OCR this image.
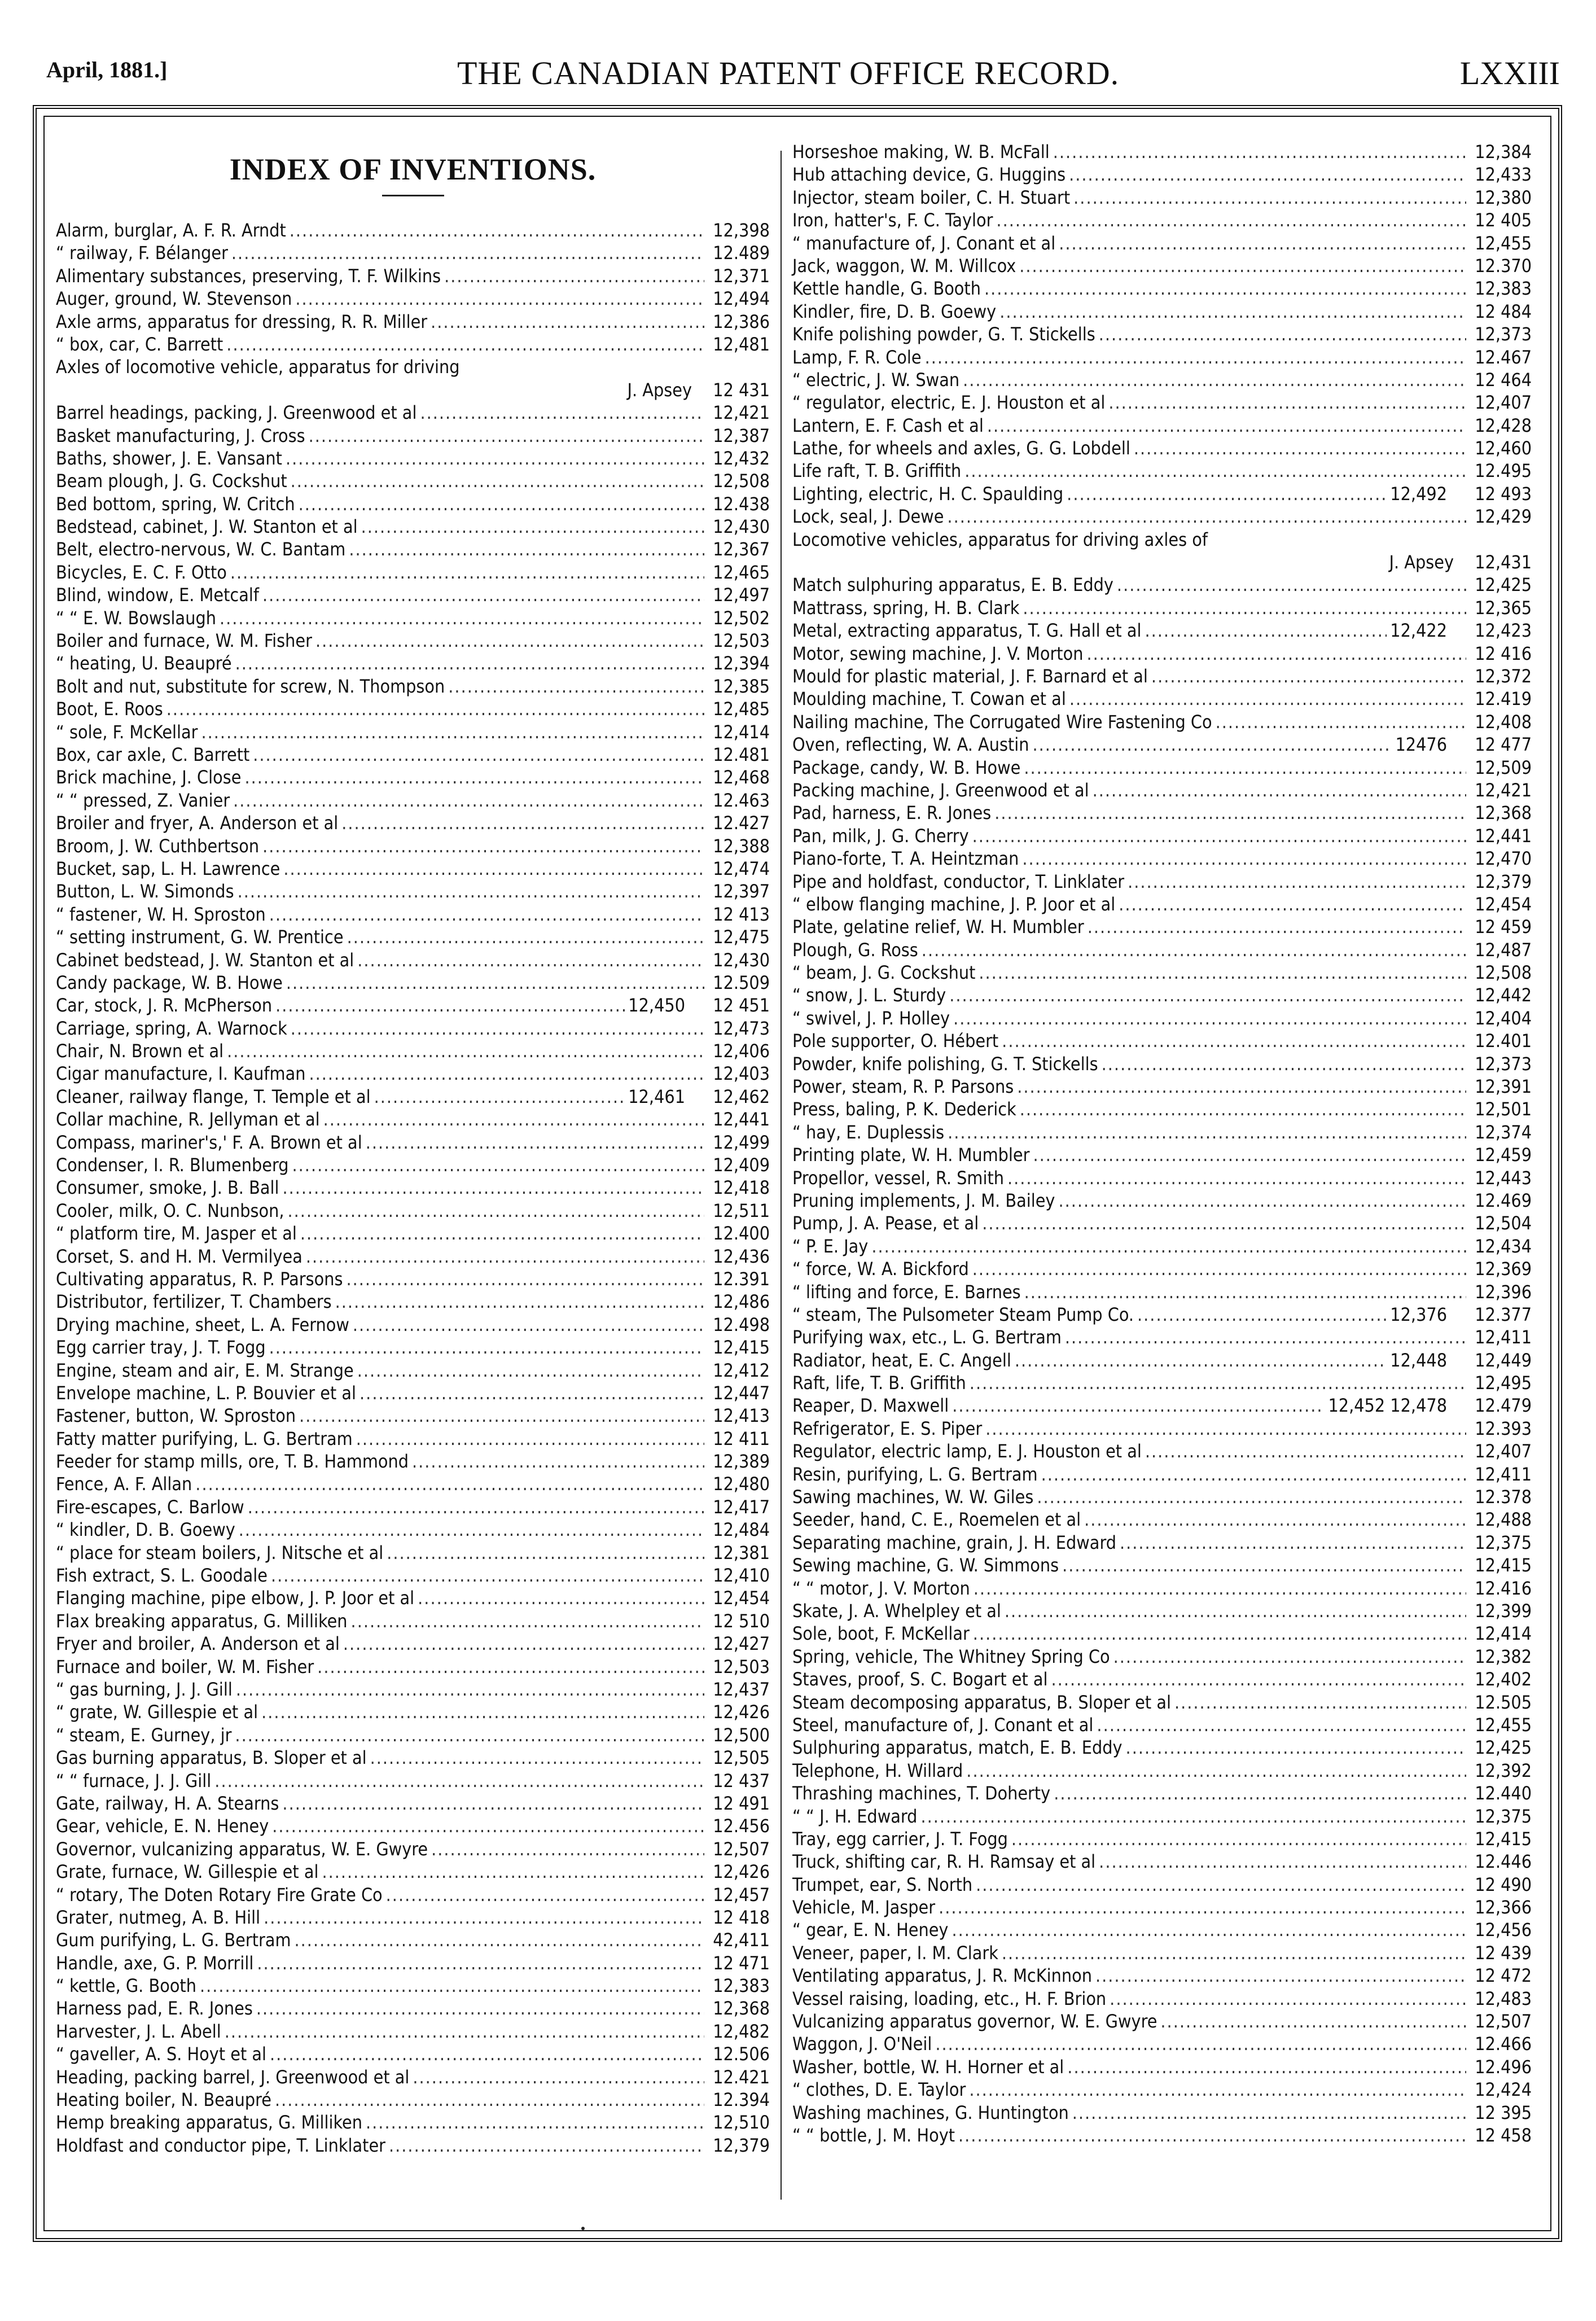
April, 1881.]	THE CANADIAN PATENT OFFICE RECORD.	LXXIII
INDEX OF INVENTIONS.
Alarm, burglar, A. F. R. Arndt .....	12,398
“ railway, F. Bélanger .....	12.489
Alimentary substances, preserving, T. F. Wilkins .....	12,371
Auger, ground, W. Stevenson .....	12,494
Axle arms, apparatus for dressing, R. R. Miller .....	12,386
“ box, car, C. Barrett .....	12,481
Axles of locomotive vehicle, apparatus for driving
J. Apsey 12 431
Barrel headings, packing, J. Greenwood et al .....	12,421
Basket manufacturing, J. Cross .....	12,387
Baths, shower, J. E. Vansant .....	12,432
Beam plough, J. G. Cockshut .....	12,508
Bed bottom, spring, W. Critch .....	12.438
Bedstead, cabinet, J. W. Stanton et al .....	12,430
Belt, electro-nervous, W. C. Bantam .....	12,367
Bicycles, E. C. F. Otto .....	12,465
Blind, window, E. Metcalf .....	12,497
“ “ E. W. Bowslaugh .....	12,502
Boiler and furnace, W. M. Fisher .....	12,503
“ heating, U. Beaupré .....	12,394
Bolt and nut, substitute for screw, N. Thompson .....	12,385
Boot, E. Roos .....	12,485
“ sole, F. McKellar .....	12,414
Box, car axle, C. Barrett .....	12.481
Brick machine, J. Close .....	12,468
“ “ pressed, Z. Vanier .....	12.463
Broiler and fryer, A. Anderson et al .....	12.427
Broom, J. W. Cuthbertson .....	12,388
Bucket, sap, L. H. Lawrence .....	12,474
Button, L. W. Simonds .....	12,397
“ fastener, W. H. Sproston .....	12 413
“ setting instrument, G. W. Prentice .....	12,475
Cabinet bedstead, J. W. Stanton et al .....	12,430
Candy package, W. B. Howe .....	12.509
Car, stock, J. R. McPherson .....	12,450 12 451
Carriage, spring, A. Warnock .....	12,473
Chair, N. Brown et al .....	12,406
Cigar manufacture, I. Kaufman .....	12,403
Cleaner, railway flange, T. Temple et al .....	12,461 12,462
Collar machine, R. Jellyman et al .....	12,441
Compass, mariner's,' F. A. Brown et al .....	12,499
Condenser, I. R. Blumenberg .....	12,409
Consumer, smoke, J. B. Ball .....	12,418
Cooler, milk, O. C. Nunbson, .....	12,511
“ platform tire, M. Jasper et al .....	12.400
Corset, S. and H. M. Vermilyea .....	12,436
Cultivating apparatus, R. P. Parsons .....	12.391
Distributor, fertilizer, T. Chambers .....	12,486
Drying machine, sheet, L. A. Fernow .....	12.498
Egg carrier tray, J. T. Fogg .....	12,415
Engine, steam and air, E. M. Strange .....	12,412
Envelope machine, L. P. Bouvier et al .....	12,447
Fastener, button, W. Sproston .....	12,413
Fatty matter purifying, L. G. Bertram .....	12 411
Feeder for stamp mills, ore, T. B. Hammond .....	12,389
Fence, A. F. Allan .....	12,480
Fire-escapes, C. Barlow .....	12,417
“ kindler, D. B. Goewy .....	12,484
“ place for steam boilers, J. Nitsche et al .....	12,381
Fish extract, S. L. Goodale .....	12,410
Flanging machine, pipe elbow, J. P. Joor et al .....	12,454
Flax breaking apparatus, G. Milliken .....	12 510
Fryer and broiler, A. Anderson et al .....	12,427
Furnace and boiler, W. M. Fisher .....	12,503
“ gas burning, J. J. Gill .....	12,437
“ grate, W. Gillespie et al .....	12,426
“ steam, E. Gurney, jr .....	12,500
Gas burning apparatus, B. Sloper et al .....	12,505
“ “ furnace, J. J. Gill .....	12 437
Gate, railway, H. A. Stearns .....	12 491
Gear, vehicle, E. N. Heney .....	12.456
Governor, vulcanizing apparatus, W. E. Gwyre .....	12,507
Grate, furnace, W. Gillespie et al .....	12,426
“ rotary, The Doten Rotary Fire Grate Co .....	12,457
Grater, nutmeg, A. B. Hill .....	12 418
Gum purifying, L. G. Bertram .....	42,411
Handle, axe, G. P. Morrill .....	12 471
“ kettle, G. Booth .....	12,383
Harness pad, E. R. Jones .....	12,368
Harvester, J. L. Abell .....	12,482
“ gaveller, A. S. Hoyt et al .....	12.506
Heading, packing barrel, J. Greenwood et al .....	12.421
Heating boiler, N. Beaupré .....	12.394
Hemp breaking apparatus, G. Milliken .....	12,510
Holdfast and conductor pipe, T. Linklater .....	12,379
Horseshoe making, W. B. McFall .....	12,384
Hub attaching device, G. Huggins .....	12,433
Injector, steam boiler, C. H. Stuart .....	12,380
Iron, hatter's, F. C. Taylor .....	12 405
“ manufacture of, J. Conant et al .....	12,455
Jack, waggon, W. M. Willcox .....	12.370
Kettle handle, G. Booth .....	12,383
Kindler, fire, D. B. Goewy .....	12 484
Knife polishing powder, G. T. Stickells .....	12,373
Lamp, F. R. Cole .....	12.467
“ electric, J. W. Swan .....	12 464
“ regulator, electric, E. J. Houston et al .....	12,407
Lantern, E. F. Cash et al .....	12,428
Lathe, for wheels and axles, G. G. Lobdell .....	12,460
Life raft, T. B. Griffith .....	12.495
Lighting, electric, H. C. Spaulding .....	12,492 12 493
Lock, seal, J. Dewe .....	12,429
Locomotive vehicles, apparatus for driving axles of
J. Apsey 12,431
Match sulphuring apparatus, E. B. Eddy .....	12,425
Mattrass, spring, H. B. Clark .....	12,365
Metal, extracting apparatus, T. G. Hall et al .....	12,422 12,423
Motor, sewing machine, J. V. Morton .....	12 416
Mould for plastic material, J. F. Barnard et al .....	12,372
Moulding machine, T. Cowan et al .....	12.419
Nailing machine, The Corrugated Wire Fastening Co .....	12,408
Oven, reflecting, W. A. Austin .....	12476 12 477
Package, candy, W. B. Howe .....	12,509
Packing machine, J. Greenwood et al .....	12,421
Pad, harness, E. R. Jones .....	12,368
Pan, milk, J. G. Cherry .....	12,441
Piano-forte, T. A. Heintzman .....	12,470
Pipe and holdfast, conductor, T. Linklater .....	12,379
“ elbow flanging machine, J. P. Joor et al .....	12,454
Plate, gelatine relief, W. H. Mumbler .....	12 459
Plough, G. Ross .....	12,487
“ beam, J. G. Cockshut .....	12,508
“ snow, J. L. Sturdy .....	12,442
“ swivel, J. P. Holley .....	12,404
Pole supporter, O. Hébert .....	12.401
Powder, knife polishing, G. T. Stickells .....	12,373
Power, steam, R. P. Parsons .....	12,391
Press, baling, P. K. Dederick .....	12,501
“ hay, E. Duplessis .....	12,374
Printing plate, W. H. Mumbler .....	12,459
Propellor, vessel, R. Smith .....	12,443
Pruning implements, J. M. Bailey .....	12.469
Pump, J. A. Pease, et al .....	12,504
“ P. E. Jay .....	12,434
“ force, W. A. Bickford .....	12,369
“ lifting and force, E. Barnes .....	12,396
“ steam, The Pulsometer Steam Pump Co. .....	12,376 12.377
Purifying wax, etc., L. G. Bertram .....	12,411
Radiator, heat, E. C. Angell .....	12,448 12,449
Raft, life, T. B. Griffith .....	12,495
Reaper, D. Maxwell .....	12,452 12,478 12.479
Refrigerator, E. S. Piper .....	12.393
Regulator, electric lamp, E. J. Houston et al .....	12,407
Resin, purifying, L. G. Bertram .....	12,411
Sawing machines, W. W. Giles .....	12.378
Seeder, hand, C. E., Roemelen et al .....	12,488
Separating machine, grain, J. H. Edward .....	12,375
Sewing machine, G. W. Simmons .....	12,415
“ “ motor, J. V. Morton .....	12.416
Skate, J. A. Whelpley et al .....	12,399
Sole, boot, F. McKellar .....	12,414
Spring, vehicle, The Whitney Spring Co .....	12,382
Staves, proof, S. C. Bogart et al .....	12,402
Steam decomposing apparatus, B. Sloper et al .....	12.505
Steel, manufacture of, J. Conant et al .....	12,455
Sulphuring apparatus, match, E. B. Eddy .....	12,425
Telephone, H. Willard .....	12,392
Thrashing machines, T. Doherty .....	12.440
“ “ J. H. Edward .....	12,375
Tray, egg carrier, J. T. Fogg .....	12,415
Truck, shifting car, R. H. Ramsay et al .....	12.446
Trumpet, ear, S. North .....	12 490
Vehicle, M. Jasper .....	12,366
“ gear, E. N. Heney .....	12,456
Veneer, paper, I. M. Clark .....	12 439
Ventilating apparatus, J. R. McKinnon .....	12 472
Vessel raising, loading, etc., H. F. Brion .....	12,483
Vulcanizing apparatus governor, W. E. Gwyre .....	12,507
Waggon, J. O'Neil .....	12.466
Washer, bottle, W. H. Horner et al .....	12.496
“ clothes, D. E. Taylor .....	12,424
Washing machines, G. Huntington .....	12 395
“ “ bottle, J. M. Hoyt .....	12 458
